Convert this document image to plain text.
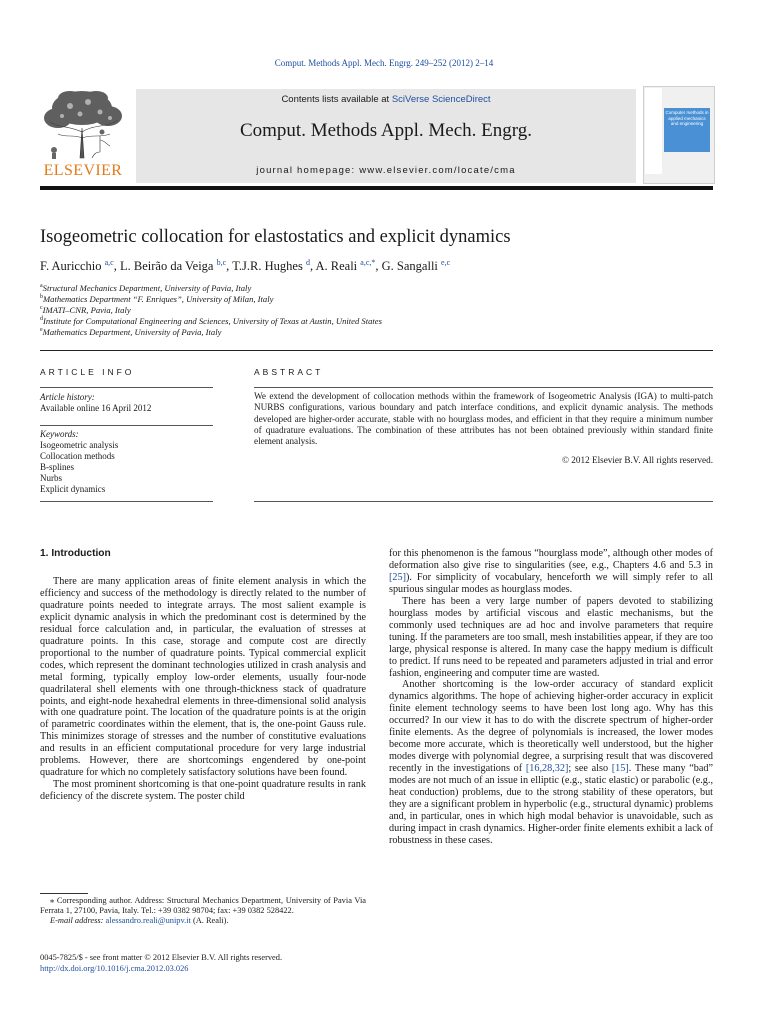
Comput. Methods Appl. Mech. Engrg. 249–252 (2012) 2–14
ELSEVIER
Contents lists available at SciVerse ScienceDirect
Comput. Methods Appl. Mech. Engrg.
journal homepage: www.elsevier.com/locate/cma
Computer methods in applied mechanics and engineering
Isogeometric collocation for elastostatics and explicit dynamics
F. Auricchio $^{a,c}$, L. Beirão da Veiga $^{b,c}$, T.J.R. Hughes $^d$, A. Reali $^{a,c,*}$, G. Sangalli $^{e,c}$
$^a$Structural Mechanics Department, University of Pavia, Italy
$^b$Mathematics Department “F. Enriques”, University of Milan, Italy
$^c$IMATI–CNR, Pavia, Italy
$^d$Institute for Computational Engineering and Sciences, University of Texas at Austin, United States
$^e$Mathematics Department, University of Pavia, Italy
ARTICLE INFO	ABSTRACT
Article history:
Available online 16 April 2012
Keywords:
Isogeometric analysis
Collocation methods
B-splines
Nurbs
Explicit dynamics
We extend the development of collocation methods within the framework of Isogeometric Analysis (IGA) to multi-patch NURBS configurations, various boundary and patch interface conditions, and explicit dynamic analysis. The methods developed are higher-order accurate, stable with no hourglass modes, and efficient in that they require a minimum number of quadrature evaluations. The combination of these attributes has not been obtained previously within standard finite element analysis.
© 2012 Elsevier B.V. All rights reserved.
1. Introduction

There are many application areas of finite element analysis in which the efficiency and success of the methodology is directly related to the number of quadrature points needed to integrate arrays. The most salient example is explicit dynamic analysis in which the predominant cost is determined by the residual force calculation and, in particular, the evaluation of stresses at quadrature points. In this case, storage and compute cost are directly proportional to the number of quadrature points. Typical commercial explicit codes, which represent the dominant technologies utilized in crash analysis and metal forming, typically employ low-order elements, usually four-node quadrilateral shell elements with one through-thickness stack of quadrature points, and eight-node hexahedral elements in three-dimensional solid analysis with one quadrature point. The location of the quadrature points is at the origin of parametric coordinates within the element, that is, the one-point Gauss rule. This minimizes storage of stresses and the number of constitutive evaluations and results in an efficient computational procedure for very large industrial problems. However, there are shortcomings engendered by one-point quadrature for which no completely satisfactory solutions have been found.

The most prominent shortcoming is that one-point quadrature results in rank deficiency of the discrete system. The poster child

for this phenomenon is the famous “hourglass mode”, although other modes of deformation also give rise to singularities (see, e.g., Chapters 4.6 and 5.3 in [25]). For simplicity of vocabulary, henceforth we will simply refer to all spurious singular modes as hourglass modes.

There has been a very large number of papers devoted to stabilizing hourglass modes by artificial viscous and elastic mechanisms, but the commonly used techniques are ad hoc and involve parameters that require tuning. If the parameters are too small, mesh instabilities appear, if they are too large, physical response is altered. In many case the happy medium is difficult to predict. If runs need to be repeated and parameters adjusted in trial and error fashion, engineering and computer time are wasted.

Another shortcoming is the low-order accuracy of standard explicit dynamics algorithms. The hope of achieving higher-order accuracy in explicit finite element technology seems to have been lost long ago. Why has this occurred? In our view it has to do with the discrete spectrum of higher-order finite elements. As the degree of polynomials is increased, the lower modes become more accurate, which is theoretically well understood, but the higher modes diverge with polynomial degree, a surprising result that was discovered recently in the investigations of [16,28,32]; see also [15]. These many “bad” modes are not much of an issue in elliptic (e.g., static elastic) or parabolic (e.g., heat conduction) problems, due to the strong stability of these operators, but they are a significant problem in hyperbolic (e.g., structural dynamic) problems and, in particular, ones in which high modal behavior is unavoidable, such as during impact in crash dynamics. Higher-order finite elements exhibit a lack of robustness in these cases.

⁎ Corresponding author. Address: Structural Mechanics Department, University of Pavia Via Ferrata 1, 27100, Pavia, Italy. Tel.: +39 0382 98704; fax: +39 0382 528422.

E-mail address: alessandro.reali@unipv.it (A. Reali).

0045-7825/$ - see front matter © 2012 Elsevier B.V. All rights reserved.
http://dx.doi.org/10.1016/j.cma.2012.03.026
